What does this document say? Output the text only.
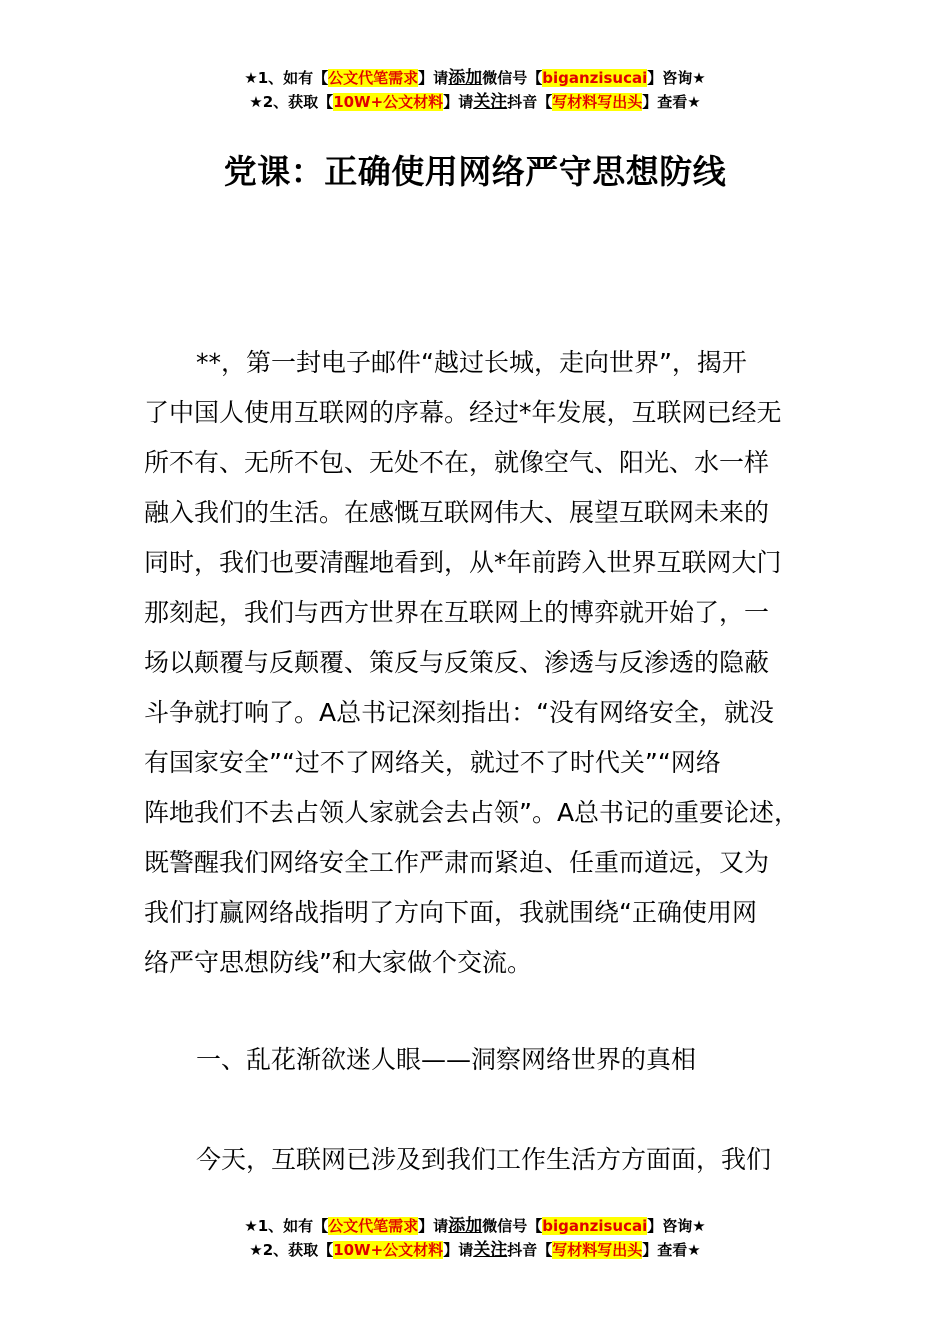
★1、如有【公文代笔需求】请添加微信号【biganzisucai】咨询★
★2、获取【10W+公文材料】请关注抖音【写材料写出头】查看★
党课：正确使用网络严守思想防线
**，第一封电子邮件“越过长城，走向世界”，揭开
了中国人使用互联网的序幕。经过*年发展，互联网已经无
所不有、无所不包、无处不在，就像空气、阳光、水一样
融入我们的生活。在感慨互联网伟大、展望互联网未来的
同时，我们也要清醒地看到，从*年前跨入世界互联网大门
那刻起，我们与西方世界在互联网上的博弈就开始了，一
场以颠覆与反颠覆、策反与反策反、渗透与反渗透的隐蔽
斗争就打响了。A总书记深刻指出：“没有网络安全，就没
有国家安全”“过不了网络关，就过不了时代关”“网络
阵地我们不去占领人家就会去占领”。A总书记的重要论述，
既警醒我们网络安全工作严肃而紧迫、任重而道远，又为
我们打赢网络战指明了方向下面，我就围绕“正确使用网
络严守思想防线”和大家做个交流。
一、乱花渐欲迷人眼——洞察网络世界的真相
今天，互联网已涉及到我们工作生活方方面面，我们
★1、如有【公文代笔需求】请添加微信号【biganzisucai】咨询★
★2、获取【10W+公文材料】请关注抖音【写材料写出头】查看★
